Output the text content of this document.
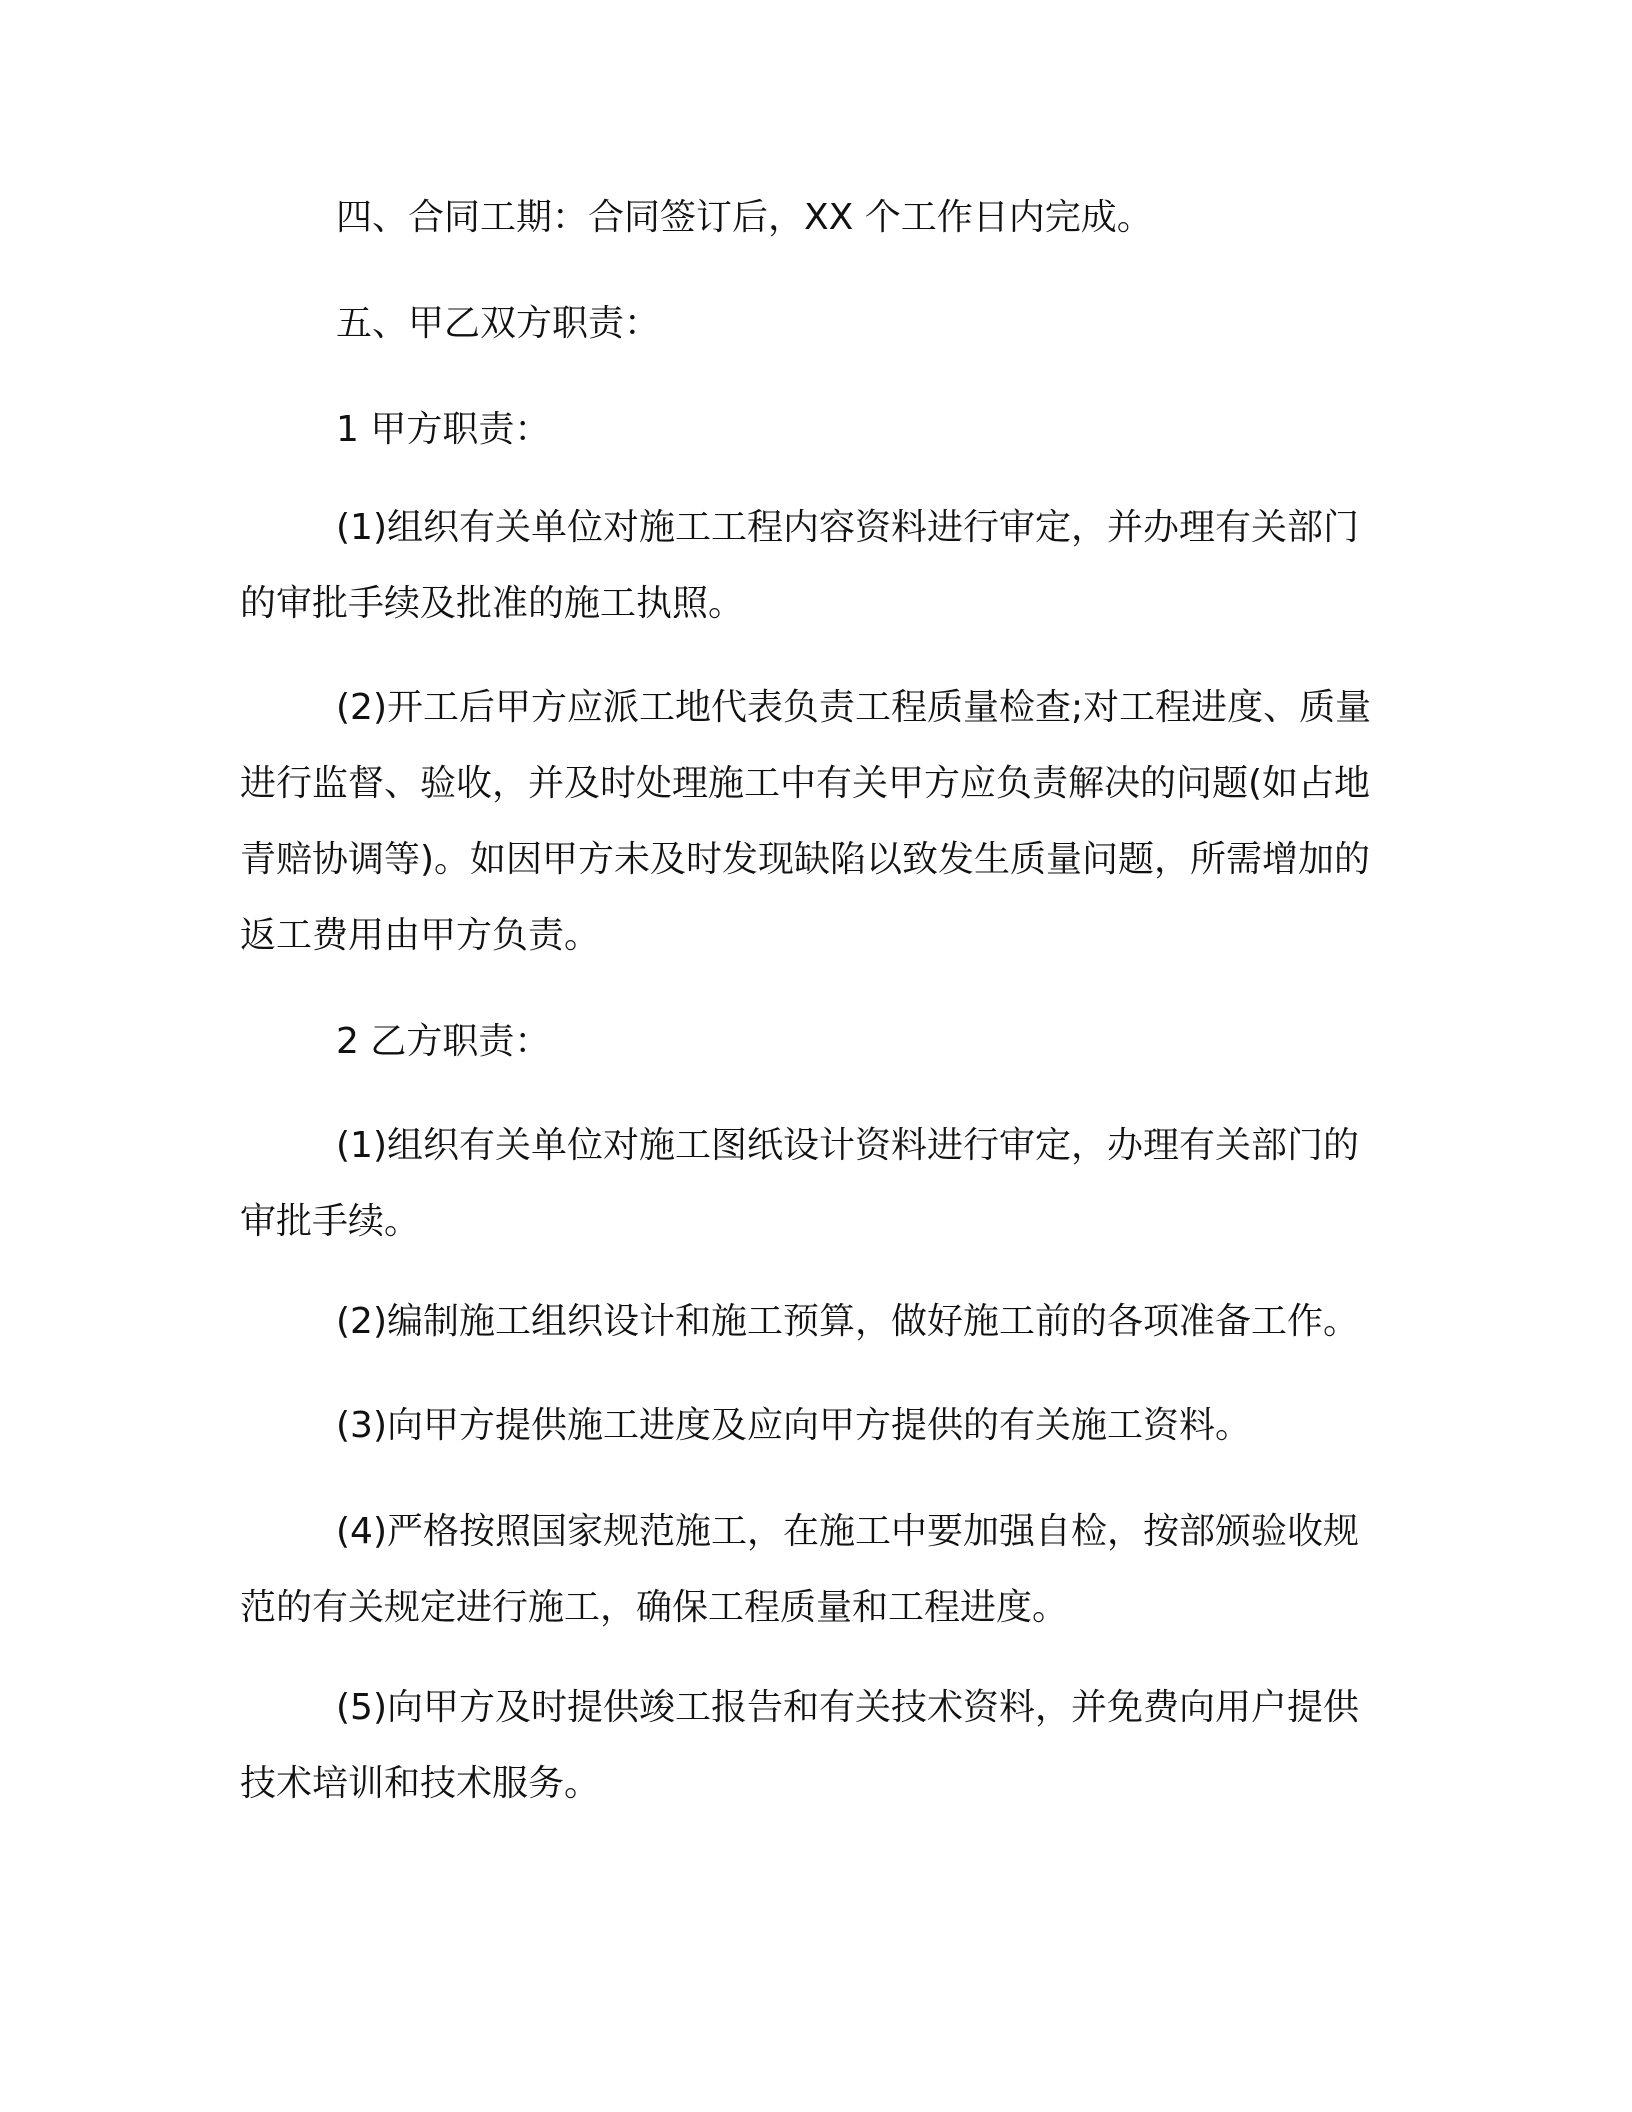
四、合同工期：合同签订后，XX 个工作日内完成。

五、甲乙双方职责：

1 甲方职责：

(1)组织有关单位对施工工程内容资料进行审定，并办理有关部门的审批手续及批准的施工执照。

(2)开工后甲方应派工地代表负责工程质量检查;对工程进度、质量进行监督、验收，并及时处理施工中有关甲方应负责解决的问题(如占地青赔协调等)。如因甲方未及时发现缺陷以致发生质量问题，所需增加的返工费用由甲方负责。

2 乙方职责：

(1)组织有关单位对施工图纸设计资料进行审定，办理有关部门的审批手续。

(2)编制施工组织设计和施工预算，做好施工前的各项准备工作。

(3)向甲方提供施工进度及应向甲方提供的有关施工资料。

(4)严格按照国家规范施工，在施工中要加强自检，按部颁验收规范的有关规定进行施工，确保工程质量和工程进度。

(5)向甲方及时提供竣工报告和有关技术资料，并免费向用户提供技术培训和技术服务。
